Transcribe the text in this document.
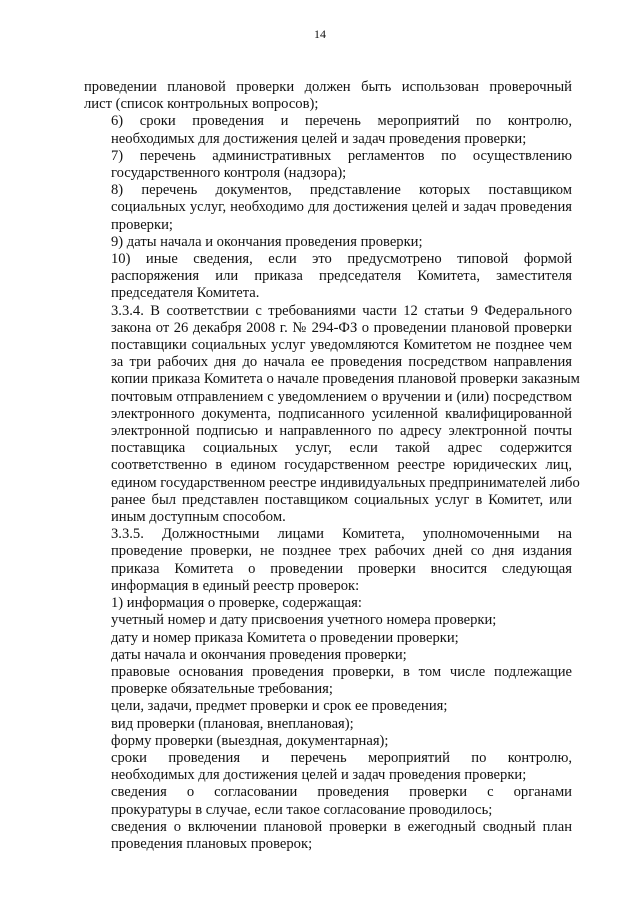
14
проведении плановой проверки должен быть использован проверочный
лист (список контрольных вопросов);
6) сроки проведения и перечень мероприятий по контролю,
необходимых для достижения целей и задач проведения проверки;
7) перечень административных регламентов по осуществлению
государственного контроля (надзора);
8) перечень документов, представление которых поставщиком
социальных услуг, необходимо для достижения целей и задач проведения
проверки;
9) даты начала и окончания проведения проверки;
10) иные сведения, если это предусмотрено типовой формой
распоряжения или приказа председателя Комитета, заместителя
председателя Комитета.
3.3.4. В соответствии с требованиями части 12 статьи 9 Федерального
закона от 26 декабря 2008 г. № 294-ФЗ о проведении плановой проверки
поставщики социальных услуг уведомляются Комитетом не позднее чем
за три рабочих дня до начала ее проведения посредством направления
копии приказа Комитета о начале проведения плановой проверки заказным
почтовым отправлением с уведомлением о вручении и (или) посредством
электронного документа, подписанного усиленной квалифицированной
электронной подписью и направленного по адресу электронной почты
поставщика социальных услуг, если такой адрес содержится
соответственно в едином государственном реестре юридических лиц,
едином государственном реестре индивидуальных предпринимателей либо
ранее был представлен поставщиком социальных услуг в Комитет, или
иным доступным способом.
3.3.5. Должностными лицами Комитета, уполномоченными на
проведение проверки, не позднее трех рабочих дней со дня издания
приказа Комитета о проведении проверки вносится следующая
информация в единый реестр проверок:
1) информация о проверке, содержащая:
учетный номер и дату присвоения учетного номера проверки;
дату и номер приказа Комитета о проведении проверки;
даты начала и окончания проведения проверки;
правовые основания проведения проверки, в том числе подлежащие
проверке обязательные требования;
цели, задачи, предмет проверки и срок ее проведения;
вид проверки (плановая, внеплановая);
форму проверки (выездная, документарная);
сроки проведения и перечень мероприятий по контролю,
необходимых для достижения целей и задач проведения проверки;
сведения о согласовании проведения проверки с органами
прокуратуры в случае, если такое согласование проводилось;
сведения о включении плановой проверки в ежегодный сводный план
проведения плановых проверок;
